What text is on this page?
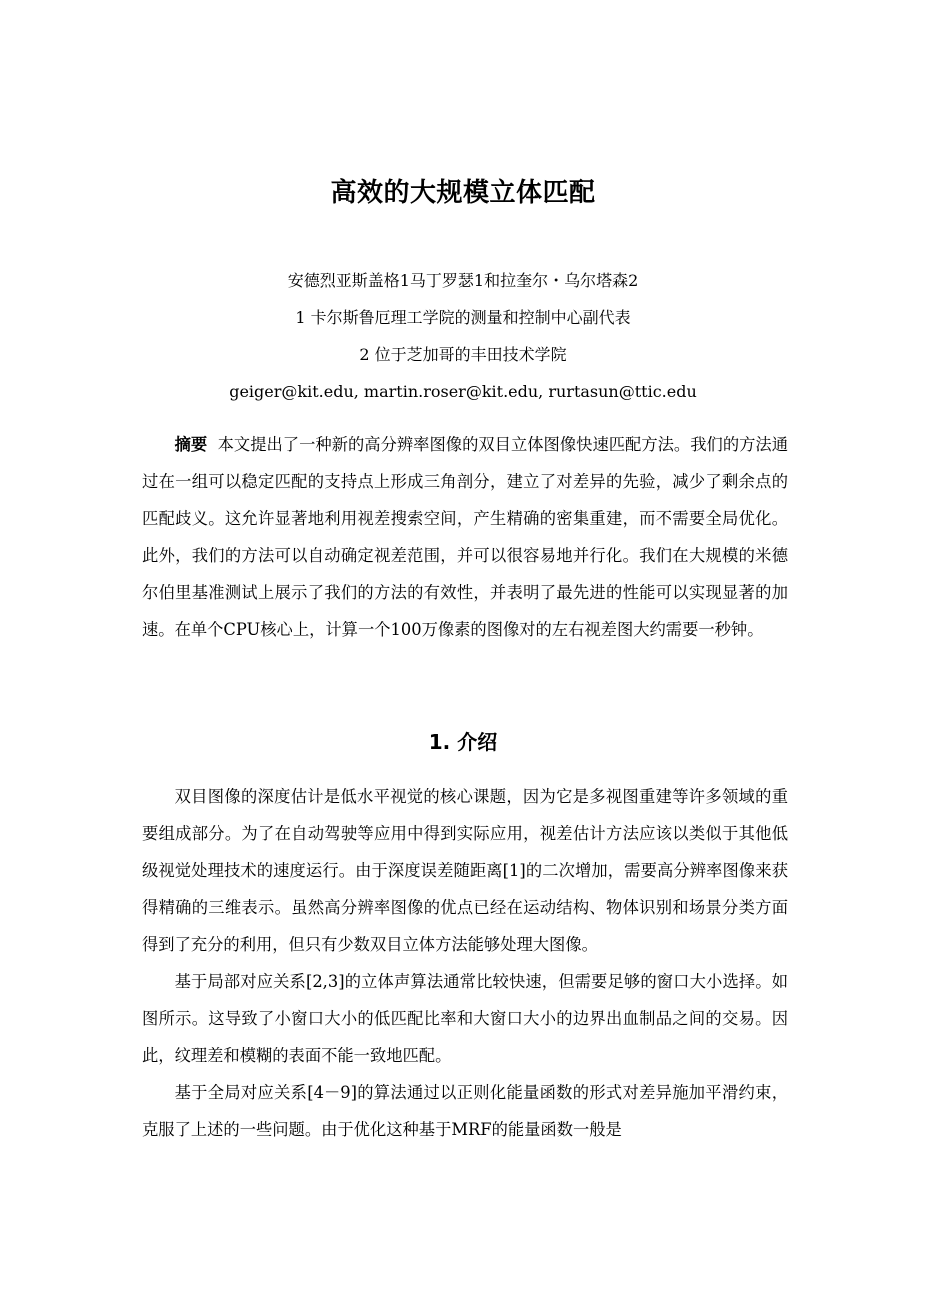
高效的大规模立体匹配
安德烈亚斯盖格1马丁罗瑟1和拉奎尔・乌尔塔森2
1 卡尔斯鲁厄理工学院的测量和控制中心副代表
2 位于芝加哥的丰田技术学院
geiger@kit.edu, martin.roser@kit.edu, rurtasun@ttic.edu
摘要 本文提出了一种新的高分辨率图像的双目立体图像快速匹配方法。我们的方法通过在一组可以稳定匹配的支持点上形成三角剖分，建立了对差异的先验，减少了剩余点的匹配歧义。这允许显著地利用视差搜索空间，产生精确的密集重建，而不需要全局优化。此外，我们的方法可以自动确定视差范围，并可以很容易地并行化。我们在大规模的米德尔伯里基准测试上展示了我们的方法的有效性，并表明了最先进的性能可以实现显著的加速。在单个CPU核心上，计算一个100万像素的图像对的左右视差图大约需要一秒钟。
1. 介绍

双目图像的深度估计是低水平视觉的核心课题，因为它是多视图重建等许多领域的重要组成部分。为了在自动驾驶等应用中得到实际应用，视差估计方法应该以类似于其他低级视觉处理技术的速度运行。由于深度误差随距离[1]的二次增加，需要高分辨率图像来获得精确的三维表示。虽然高分辨率图像的优点已经在运动结构、物体识别和场景分类方面得到了充分的利用，但只有少数双目立体方法能够处理大图像。

基于局部对应关系[2,3]的立体声算法通常比较快速，但需要足够的窗口大小选择。如图所示。这导致了小窗口大小的低匹配比率和大窗口大小的边界出血制品之间的交易。因此，纹理差和模糊的表面不能一致地匹配。

基于全局对应关系[4－9]的算法通过以正则化能量函数的形式对差异施加平滑约束，克服了上述的一些问题。由于优化这种基于MRF的能量函数一般是
